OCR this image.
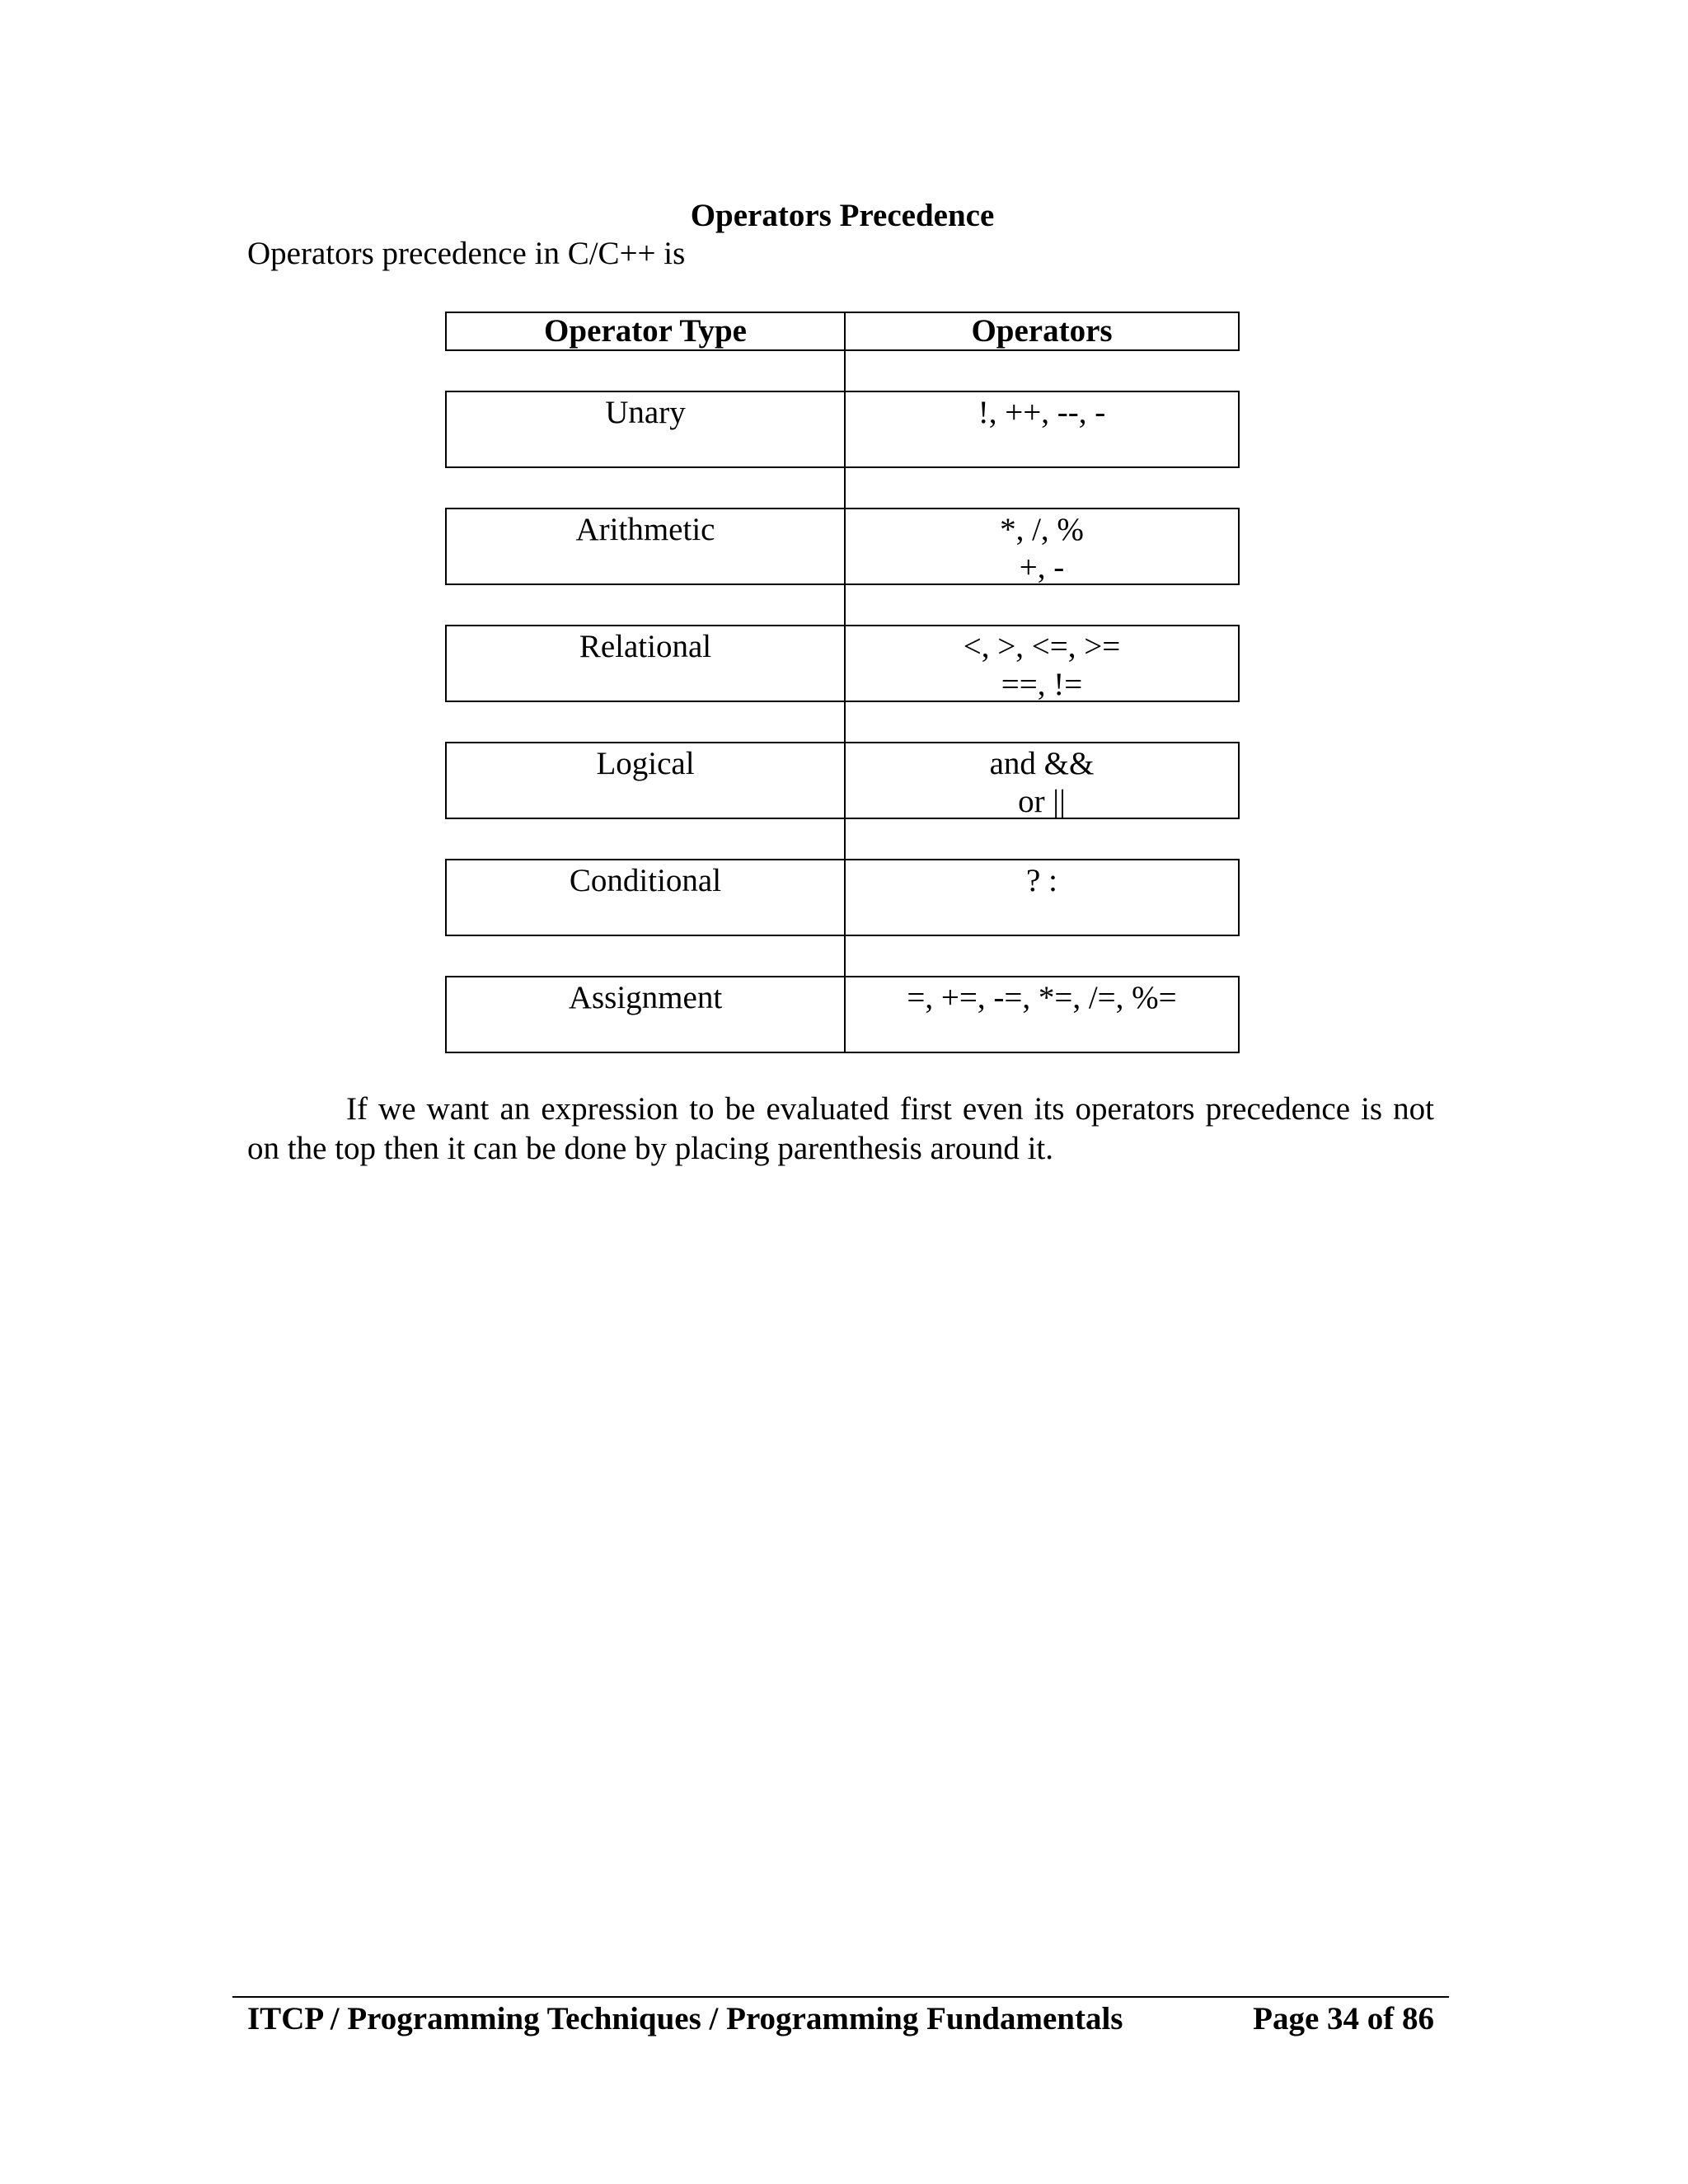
Operators Precedence
Operators precedence in C/C++ is
Operator Type	Operators
Unary	!, ++, --, -
Arithmetic	*, /, %
+, -
Relational	<, >, <=, >=
==, !=
Logical	and &&
or ||
Conditional	? :
Assignment	=, +=, -=, *=, /=, %=
If we want an expression to be evaluated first even its operators precedence is not
on the top then it can be done by placing parenthesis around it.
ITCP / Programming Techniques / Programming Fundamentals	Page 34 of 86
